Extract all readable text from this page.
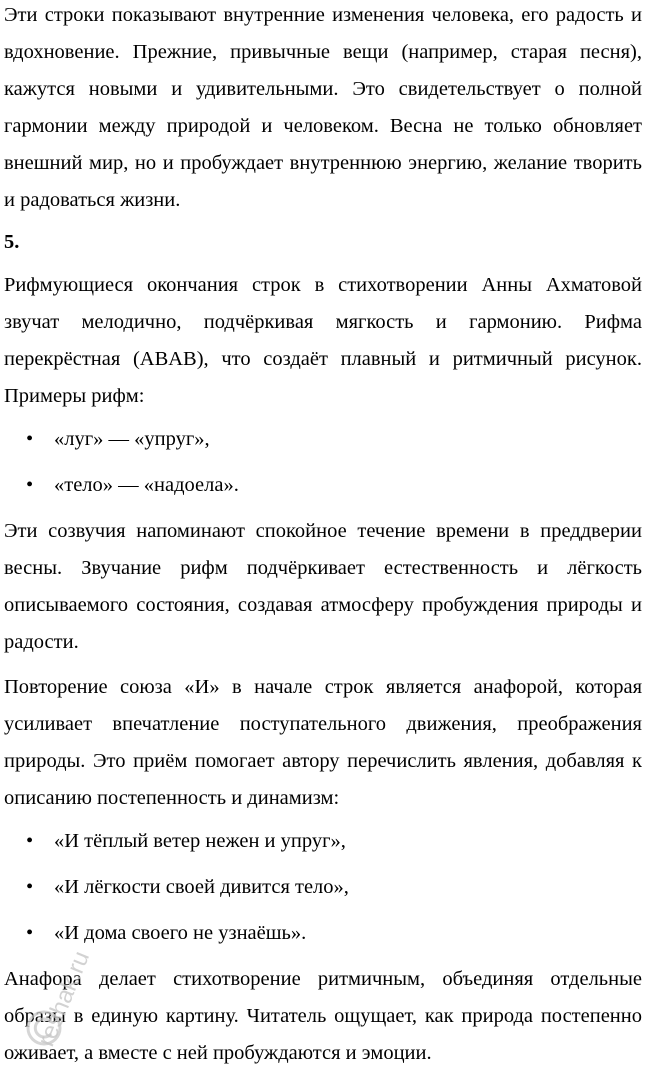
Эти строки показывают внутренние изменения человека, его радость и вдохновение. Прежние, привычные вещи (например, старая песня), кажутся новыми и удивительными. Это свидетельствует о полной гармонии между природой и человеком. Весна не только обновляет внешний мир, но и пробуждает внутреннюю энергию, желание творить и радоваться жизни.

5.

Рифмующиеся окончания строк в стихотворении Анны Ахматовой звучат мелодично, подчёркивая мягкость и гармонию. Рифма перекрёстная (ABAB), что создаёт плавный и ритмичный рисунок. Примеры рифм:

• «луг» — «упруг»,
• «тело» — «надоела».

Эти созвучия напоминают спокойное течение времени в преддверии весны. Звучание рифм подчёркивает естественность и лёгкость описываемого состояния, создавая атмосферу пробуждения природы и радости.

Повторение союза «И» в начале строк является анафорой, которая усиливает впечатление поступательного движения, преображения природы. Это приём помогает автору перечислить явления, добавляя к описанию постепенность и динамизм:

• «И тёплый ветер нежен и упруг»,
• «И лёгкости своей дивится тело»,
• «И дома своего не узнаёшь».

Анафора делает стихотворение ритмичным, объединяя отдельные образы в единую картину. Читатель ощущает, как природа постепенно оживает, а вместе с ней пробуждаются и эмоции.

reshak.ru
